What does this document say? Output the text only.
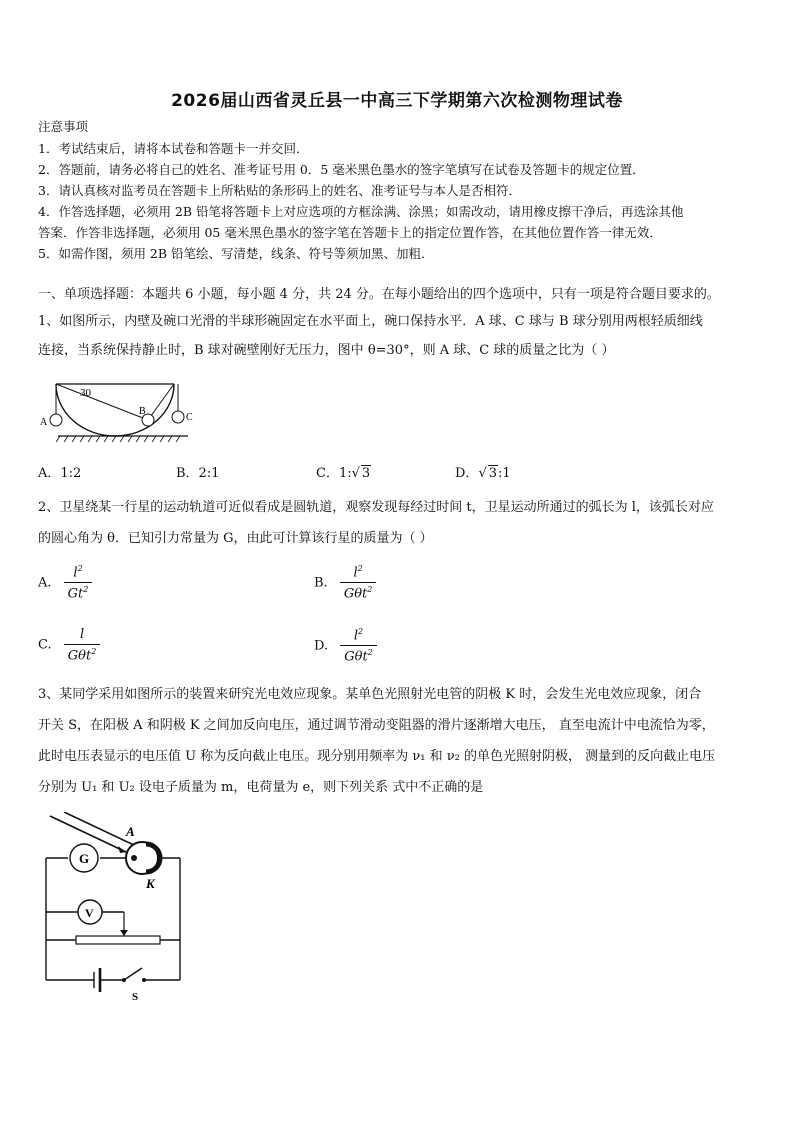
2026届山西省灵丘县一中高三下学期第六次检测物理试卷
注意事项
1．考试结束后，请将本试卷和答题卡一并交回．
2．答题前，请务必将自己的姓名、准考证号用 0．5 毫米黑色墨水的签字笔填写在试卷及答题卡的规定位置．
3．请认真核对监考员在答题卡上所粘贴的条形码上的姓名、准考证号与本人是否相符．
4．作答选择题，必须用 2B 铅笔将答题卡上对应选项的方框涂满、涂黑；如需改动，请用橡皮擦干净后，再选涂其他
答案．作答非选择题，必须用 05 毫米黑色墨水的签字笔在答题卡上的指定位置作答，在其他位置作答一律无效．
5．如需作图，须用 2B 铅笔绘、写清楚，线条、符号等须加黑、加粗．
一、单项选择题：本题共 6 小题，每小题 4 分，共 24 分。在每小题给出的四个选项中，只有一项是符合题目要求的。
1、如图所示，内壁及碗口光滑的半球形碗固定在水平面上，碗口保持水平．A 球、C 球与 B 球分别用两根轻质细线
连接，当系统保持静止时，B 球对碗壁刚好无压力，图中 θ=30°，则 A 球、C 球的质量之比为（ ）
30
A
B
C
A．1:2	B．2:1	C．1:√ 3	D．√ 3:1
2、卫星绕某一行星的运动轨道可近似看成是圆轨道，观察发现每经过时间 t，卫星运动所通过的弧长为 l，该弧长对应
的圆心角为 θ．已知引力常量为 G，由此可计算该行星的质量为（ ）
A. $\frac{l^2}{Gt^2}$	B. $\frac{l^2}{G\theta t^2}$
C. $\frac{l}{G\theta t^2}$	D. $\frac{l^2}{G\theta t^2}$
3、某同学采用如图所示的装置来研究光电效应现象。某单色光照射光电管的阴极 K 时，会发生光电效应现象，闭合
开关 S，在阳极 A 和阴极 K 之间加反向电压，通过调节滑动变阻器的滑片逐渐增大电压， 直至电流计中电流恰为零，
此时电压表显示的电压值 U 称为反向截止电压。现分别用频率为 ν₁ 和 ν₂ 的单色光照射阴极， 测量到的反向截止电压
分别为 U₁ 和 U₂ 设电子质量为 m，电荷量为 e，则下列关系 式中不正确的是
G
A
K
V
S
